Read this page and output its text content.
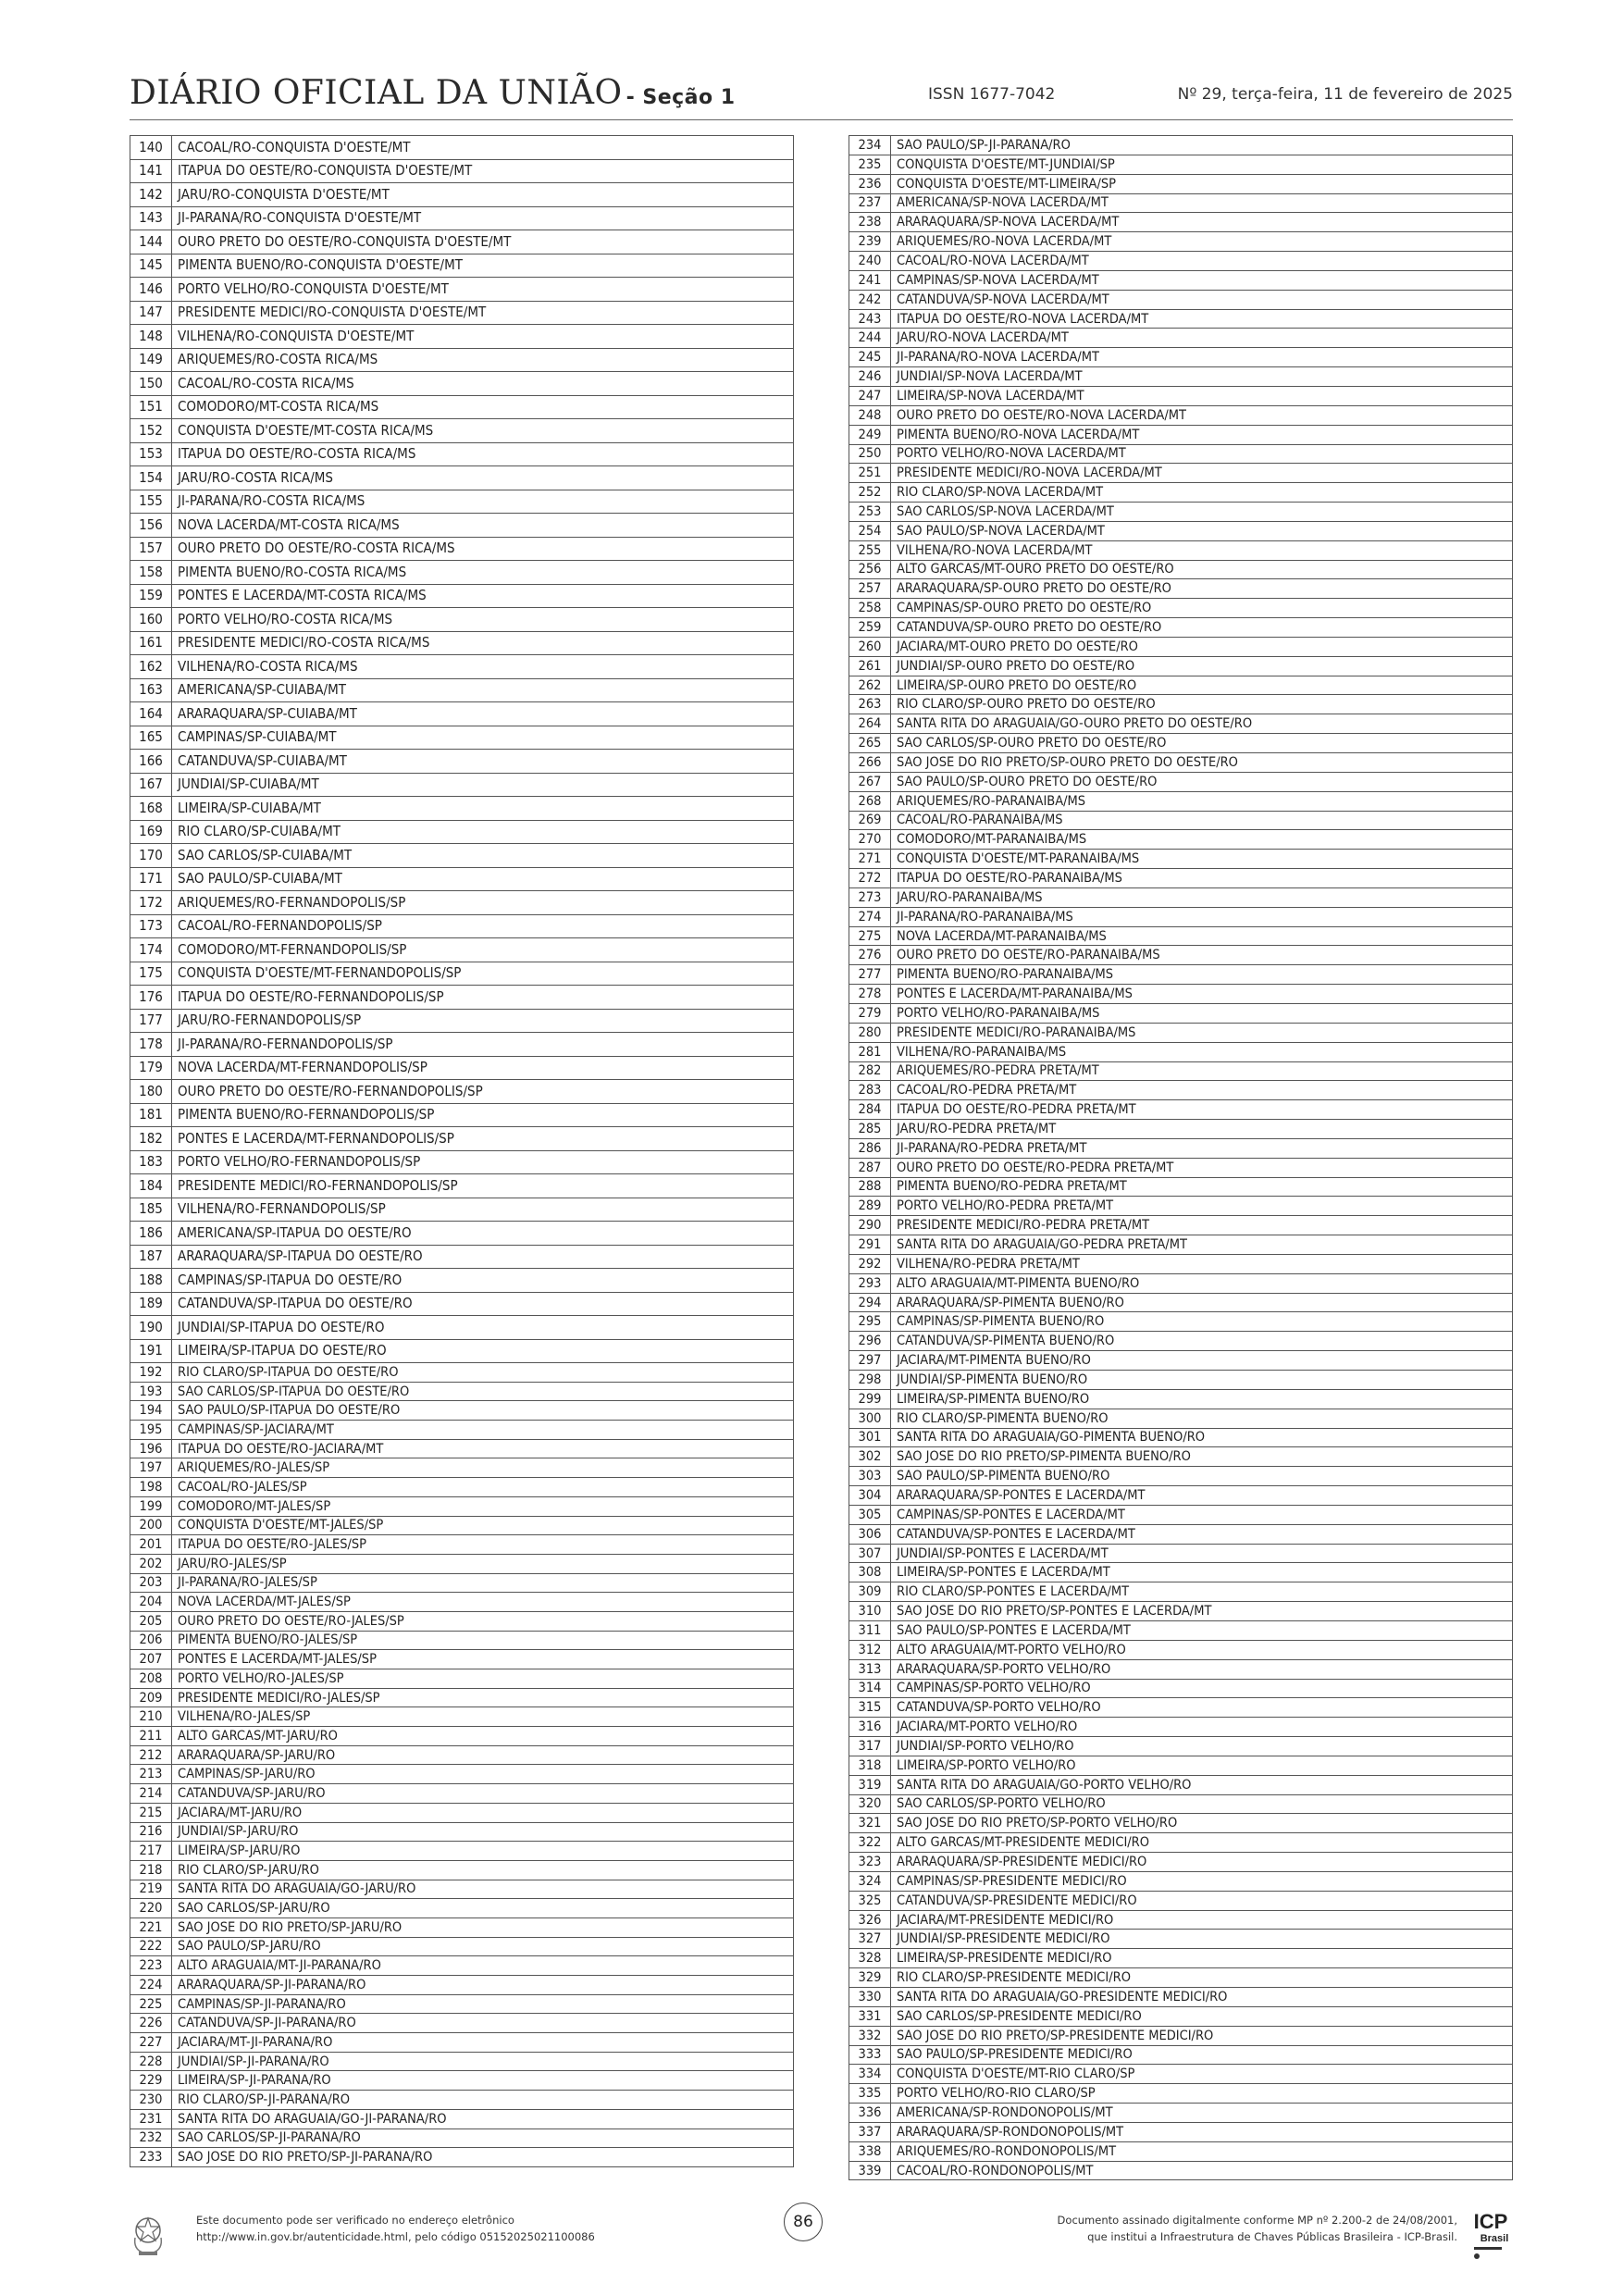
DIÁRIO OFICIAL DA UNIÃO - Seção 1	ISSN 1677-7042	Nº 29, terça-feira, 11 de fevereiro de 2025
140	CACOAL/RO-CONQUISTA D'OESTE/MT
141	ITAPUA DO OESTE/RO-CONQUISTA D'OESTE/MT
142	JARU/RO-CONQUISTA D'OESTE/MT
143	JI-PARANA/RO-CONQUISTA D'OESTE/MT
144	OURO PRETO DO OESTE/RO-CONQUISTA D'OESTE/MT
145	PIMENTA BUENO/RO-CONQUISTA D'OESTE/MT
146	PORTO VELHO/RO-CONQUISTA D'OESTE/MT
147	PRESIDENTE MEDICI/RO-CONQUISTA D'OESTE/MT
148	VILHENA/RO-CONQUISTA D'OESTE/MT
149	ARIQUEMES/RO-COSTA RICA/MS
150	CACOAL/RO-COSTA RICA/MS
151	COMODORO/MT-COSTA RICA/MS
152	CONQUISTA D'OESTE/MT-COSTA RICA/MS
153	ITAPUA DO OESTE/RO-COSTA RICA/MS
154	JARU/RO-COSTA RICA/MS
155	JI-PARANA/RO-COSTA RICA/MS
156	NOVA LACERDA/MT-COSTA RICA/MS
157	OURO PRETO DO OESTE/RO-COSTA RICA/MS
158	PIMENTA BUENO/RO-COSTA RICA/MS
159	PONTES E LACERDA/MT-COSTA RICA/MS
160	PORTO VELHO/RO-COSTA RICA/MS
161	PRESIDENTE MEDICI/RO-COSTA RICA/MS
162	VILHENA/RO-COSTA RICA/MS
163	AMERICANA/SP-CUIABA/MT
164	ARARAQUARA/SP-CUIABA/MT
165	CAMPINAS/SP-CUIABA/MT
166	CATANDUVA/SP-CUIABA/MT
167	JUNDIAI/SP-CUIABA/MT
168	LIMEIRA/SP-CUIABA/MT
169	RIO CLARO/SP-CUIABA/MT
170	SAO CARLOS/SP-CUIABA/MT
171	SAO PAULO/SP-CUIABA/MT
172	ARIQUEMES/RO-FERNANDOPOLIS/SP
173	CACOAL/RO-FERNANDOPOLIS/SP
174	COMODORO/MT-FERNANDOPOLIS/SP
175	CONQUISTA D'OESTE/MT-FERNANDOPOLIS/SP
176	ITAPUA DO OESTE/RO-FERNANDOPOLIS/SP
177	JARU/RO-FERNANDOPOLIS/SP
178	JI-PARANA/RO-FERNANDOPOLIS/SP
179	NOVA LACERDA/MT-FERNANDOPOLIS/SP
180	OURO PRETO DO OESTE/RO-FERNANDOPOLIS/SP
181	PIMENTA BUENO/RO-FERNANDOPOLIS/SP
182	PONTES E LACERDA/MT-FERNANDOPOLIS/SP
183	PORTO VELHO/RO-FERNANDOPOLIS/SP
184	PRESIDENTE MEDICI/RO-FERNANDOPOLIS/SP
185	VILHENA/RO-FERNANDOPOLIS/SP
186	AMERICANA/SP-ITAPUA DO OESTE/RO
187	ARARAQUARA/SP-ITAPUA DO OESTE/RO
188	CAMPINAS/SP-ITAPUA DO OESTE/RO
189	CATANDUVA/SP-ITAPUA DO OESTE/RO
190	JUNDIAI/SP-ITAPUA DO OESTE/RO
191	LIMEIRA/SP-ITAPUA DO OESTE/RO
192	RIO CLARO/SP-ITAPUA DO OESTE/RO
193	SAO CARLOS/SP-ITAPUA DO OESTE/RO
194	SAO PAULO/SP-ITAPUA DO OESTE/RO
195	CAMPINAS/SP-JACIARA/MT
196	ITAPUA DO OESTE/RO-JACIARA/MT
197	ARIQUEMES/RO-JALES/SP
198	CACOAL/RO-JALES/SP
199	COMODORO/MT-JALES/SP
200	CONQUISTA D'OESTE/MT-JALES/SP
201	ITAPUA DO OESTE/RO-JALES/SP
202	JARU/RO-JALES/SP
203	JI-PARANA/RO-JALES/SP
204	NOVA LACERDA/MT-JALES/SP
205	OURO PRETO DO OESTE/RO-JALES/SP
206	PIMENTA BUENO/RO-JALES/SP
207	PONTES E LACERDA/MT-JALES/SP
208	PORTO VELHO/RO-JALES/SP
209	PRESIDENTE MEDICI/RO-JALES/SP
210	VILHENA/RO-JALES/SP
211	ALTO GARCAS/MT-JARU/RO
212	ARARAQUARA/SP-JARU/RO
213	CAMPINAS/SP-JARU/RO
214	CATANDUVA/SP-JARU/RO
215	JACIARA/MT-JARU/RO
216	JUNDIAI/SP-JARU/RO
217	LIMEIRA/SP-JARU/RO
218	RIO CLARO/SP-JARU/RO
219	SANTA RITA DO ARAGUAIA/GO-JARU/RO
220	SAO CARLOS/SP-JARU/RO
221	SAO JOSE DO RIO PRETO/SP-JARU/RO
222	SAO PAULO/SP-JARU/RO
223	ALTO ARAGUAIA/MT-JI-PARANA/RO
224	ARARAQUARA/SP-JI-PARANA/RO
225	CAMPINAS/SP-JI-PARANA/RO
226	CATANDUVA/SP-JI-PARANA/RO
227	JACIARA/MT-JI-PARANA/RO
228	JUNDIAI/SP-JI-PARANA/RO
229	LIMEIRA/SP-JI-PARANA/RO
230	RIO CLARO/SP-JI-PARANA/RO
231	SANTA RITA DO ARAGUAIA/GO-JI-PARANA/RO
232	SAO CARLOS/SP-JI-PARANA/RO
233	SAO JOSE DO RIO PRETO/SP-JI-PARANA/RO
234	SAO PAULO/SP-JI-PARANA/RO
235	CONQUISTA D'OESTE/MT-JUNDIAI/SP
236	CONQUISTA D'OESTE/MT-LIMEIRA/SP
237	AMERICANA/SP-NOVA LACERDA/MT
238	ARARAQUARA/SP-NOVA LACERDA/MT
239	ARIQUEMES/RO-NOVA LACERDA/MT
240	CACOAL/RO-NOVA LACERDA/MT
241	CAMPINAS/SP-NOVA LACERDA/MT
242	CATANDUVA/SP-NOVA LACERDA/MT
243	ITAPUA DO OESTE/RO-NOVA LACERDA/MT
244	JARU/RO-NOVA LACERDA/MT
245	JI-PARANA/RO-NOVA LACERDA/MT
246	JUNDIAI/SP-NOVA LACERDA/MT
247	LIMEIRA/SP-NOVA LACERDA/MT
248	OURO PRETO DO OESTE/RO-NOVA LACERDA/MT
249	PIMENTA BUENO/RO-NOVA LACERDA/MT
250	PORTO VELHO/RO-NOVA LACERDA/MT
251	PRESIDENTE MEDICI/RO-NOVA LACERDA/MT
252	RIO CLARO/SP-NOVA LACERDA/MT
253	SAO CARLOS/SP-NOVA LACERDA/MT
254	SAO PAULO/SP-NOVA LACERDA/MT
255	VILHENA/RO-NOVA LACERDA/MT
256	ALTO GARCAS/MT-OURO PRETO DO OESTE/RO
257	ARARAQUARA/SP-OURO PRETO DO OESTE/RO
258	CAMPINAS/SP-OURO PRETO DO OESTE/RO
259	CATANDUVA/SP-OURO PRETO DO OESTE/RO
260	JACIARA/MT-OURO PRETO DO OESTE/RO
261	JUNDIAI/SP-OURO PRETO DO OESTE/RO
262	LIMEIRA/SP-OURO PRETO DO OESTE/RO
263	RIO CLARO/SP-OURO PRETO DO OESTE/RO
264	SANTA RITA DO ARAGUAIA/GO-OURO PRETO DO OESTE/RO
265	SAO CARLOS/SP-OURO PRETO DO OESTE/RO
266	SAO JOSE DO RIO PRETO/SP-OURO PRETO DO OESTE/RO
267	SAO PAULO/SP-OURO PRETO DO OESTE/RO
268	ARIQUEMES/RO-PARANAIBA/MS
269	CACOAL/RO-PARANAIBA/MS
270	COMODORO/MT-PARANAIBA/MS
271	CONQUISTA D'OESTE/MT-PARANAIBA/MS
272	ITAPUA DO OESTE/RO-PARANAIBA/MS
273	JARU/RO-PARANAIBA/MS
274	JI-PARANA/RO-PARANAIBA/MS
275	NOVA LACERDA/MT-PARANAIBA/MS
276	OURO PRETO DO OESTE/RO-PARANAIBA/MS
277	PIMENTA BUENO/RO-PARANAIBA/MS
278	PONTES E LACERDA/MT-PARANAIBA/MS
279	PORTO VELHO/RO-PARANAIBA/MS
280	PRESIDENTE MEDICI/RO-PARANAIBA/MS
281	VILHENA/RO-PARANAIBA/MS
282	ARIQUEMES/RO-PEDRA PRETA/MT
283	CACOAL/RO-PEDRA PRETA/MT
284	ITAPUA DO OESTE/RO-PEDRA PRETA/MT
285	JARU/RO-PEDRA PRETA/MT
286	JI-PARANA/RO-PEDRA PRETA/MT
287	OURO PRETO DO OESTE/RO-PEDRA PRETA/MT
288	PIMENTA BUENO/RO-PEDRA PRETA/MT
289	PORTO VELHO/RO-PEDRA PRETA/MT
290	PRESIDENTE MEDICI/RO-PEDRA PRETA/MT
291	SANTA RITA DO ARAGUAIA/GO-PEDRA PRETA/MT
292	VILHENA/RO-PEDRA PRETA/MT
293	ALTO ARAGUAIA/MT-PIMENTA BUENO/RO
294	ARARAQUARA/SP-PIMENTA BUENO/RO
295	CAMPINAS/SP-PIMENTA BUENO/RO
296	CATANDUVA/SP-PIMENTA BUENO/RO
297	JACIARA/MT-PIMENTA BUENO/RO
298	JUNDIAI/SP-PIMENTA BUENO/RO
299	LIMEIRA/SP-PIMENTA BUENO/RO
300	RIO CLARO/SP-PIMENTA BUENO/RO
301	SANTA RITA DO ARAGUAIA/GO-PIMENTA BUENO/RO
302	SAO JOSE DO RIO PRETO/SP-PIMENTA BUENO/RO
303	SAO PAULO/SP-PIMENTA BUENO/RO
304	ARARAQUARA/SP-PONTES E LACERDA/MT
305	CAMPINAS/SP-PONTES E LACERDA/MT
306	CATANDUVA/SP-PONTES E LACERDA/MT
307	JUNDIAI/SP-PONTES E LACERDA/MT
308	LIMEIRA/SP-PONTES E LACERDA/MT
309	RIO CLARO/SP-PONTES E LACERDA/MT
310	SAO JOSE DO RIO PRETO/SP-PONTES E LACERDA/MT
311	SAO PAULO/SP-PONTES E LACERDA/MT
312	ALTO ARAGUAIA/MT-PORTO VELHO/RO
313	ARARAQUARA/SP-PORTO VELHO/RO
314	CAMPINAS/SP-PORTO VELHO/RO
315	CATANDUVA/SP-PORTO VELHO/RO
316	JACIARA/MT-PORTO VELHO/RO
317	JUNDIAI/SP-PORTO VELHO/RO
318	LIMEIRA/SP-PORTO VELHO/RO
319	SANTA RITA DO ARAGUAIA/GO-PORTO VELHO/RO
320	SAO CARLOS/SP-PORTO VELHO/RO
321	SAO JOSE DO RIO PRETO/SP-PORTO VELHO/RO
322	ALTO GARCAS/MT-PRESIDENTE MEDICI/RO
323	ARARAQUARA/SP-PRESIDENTE MEDICI/RO
324	CAMPINAS/SP-PRESIDENTE MEDICI/RO
325	CATANDUVA/SP-PRESIDENTE MEDICI/RO
326	JACIARA/MT-PRESIDENTE MEDICI/RO
327	JUNDIAI/SP-PRESIDENTE MEDICI/RO
328	LIMEIRA/SP-PRESIDENTE MEDICI/RO
329	RIO CLARO/SP-PRESIDENTE MEDICI/RO
330	SANTA RITA DO ARAGUAIA/GO-PRESIDENTE MEDICI/RO
331	SAO CARLOS/SP-PRESIDENTE MEDICI/RO
332	SAO JOSE DO RIO PRETO/SP-PRESIDENTE MEDICI/RO
333	SAO PAULO/SP-PRESIDENTE MEDICI/RO
334	CONQUISTA D'OESTE/MT-RIO CLARO/SP
335	PORTO VELHO/RO-RIO CLARO/SP
336	AMERICANA/SP-RONDONOPOLIS/MT
337	ARARAQUARA/SP-RONDONOPOLIS/MT
338	ARIQUEMES/RO-RONDONOPOLIS/MT
339	CACOAL/RO-RONDONOPOLIS/MT
Este documento pode ser verificado no endereço eletrônico
http://www.in.gov.br/autenticidade.html, pelo código 05152025021100086
86	Documento assinado digitalmente conforme MP nº 2.200-2 de 24/08/2001,
que institui a Infraestrutura de Chaves Públicas Brasileira - ICP-Brasil.
ICP
Brasil
